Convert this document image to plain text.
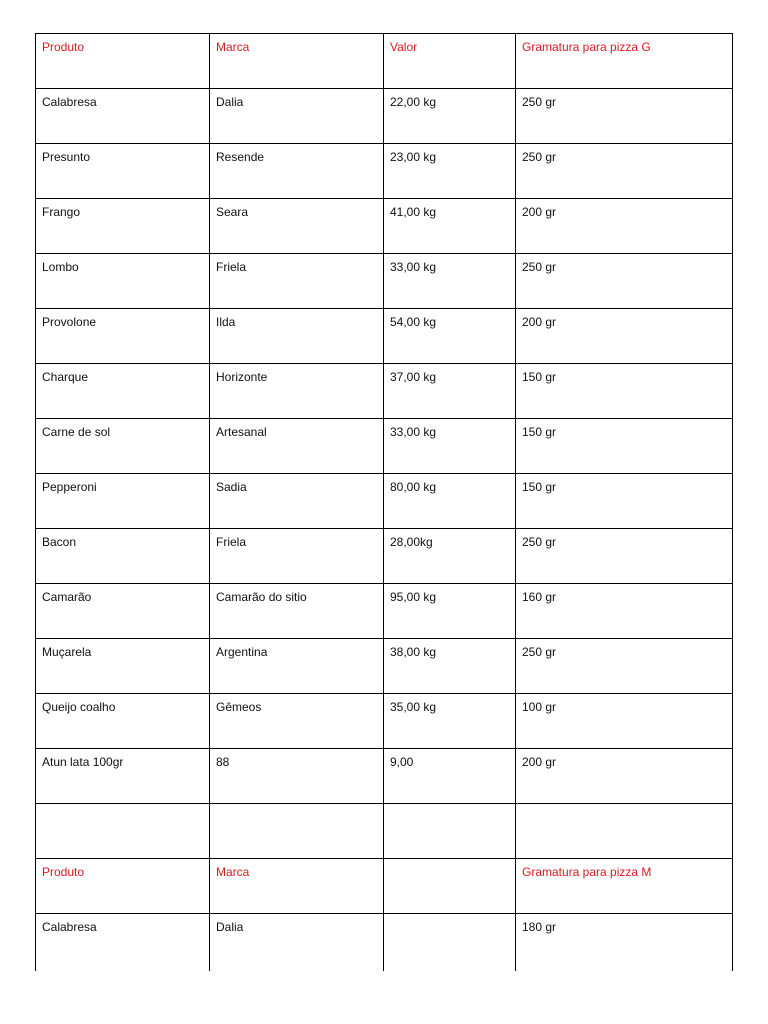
Produto	Marca	Valor	Gramatura para pizza G
Calabresa	Dalia	22,00 kg	250 gr
Presunto	Resende	23,00 kg	250 gr
Frango	Seara	41,00 kg	200 gr
Lombo	Friela	33,00 kg	250 gr
Provolone	Ilda	54,00 kg	200 gr
Charque	Horizonte	37,00 kg	150 gr
Carne de sol	Artesanal	33,00 kg	150 gr
Pepperoni	Sadia	80,00 kg	150 gr
Bacon	Friela	28,00kg	250 gr
Camarão	Camarão do sitio	95,00 kg	160 gr
Muçarela	Argentina	38,00 kg	250 gr
Queijo coalho	Gêmeos	35,00 kg	100 gr
Atun lata 100gr	88	9,00	200 gr

Produto	Marca		Gramatura para pizza M
Calabresa	Dalia		180 gr
